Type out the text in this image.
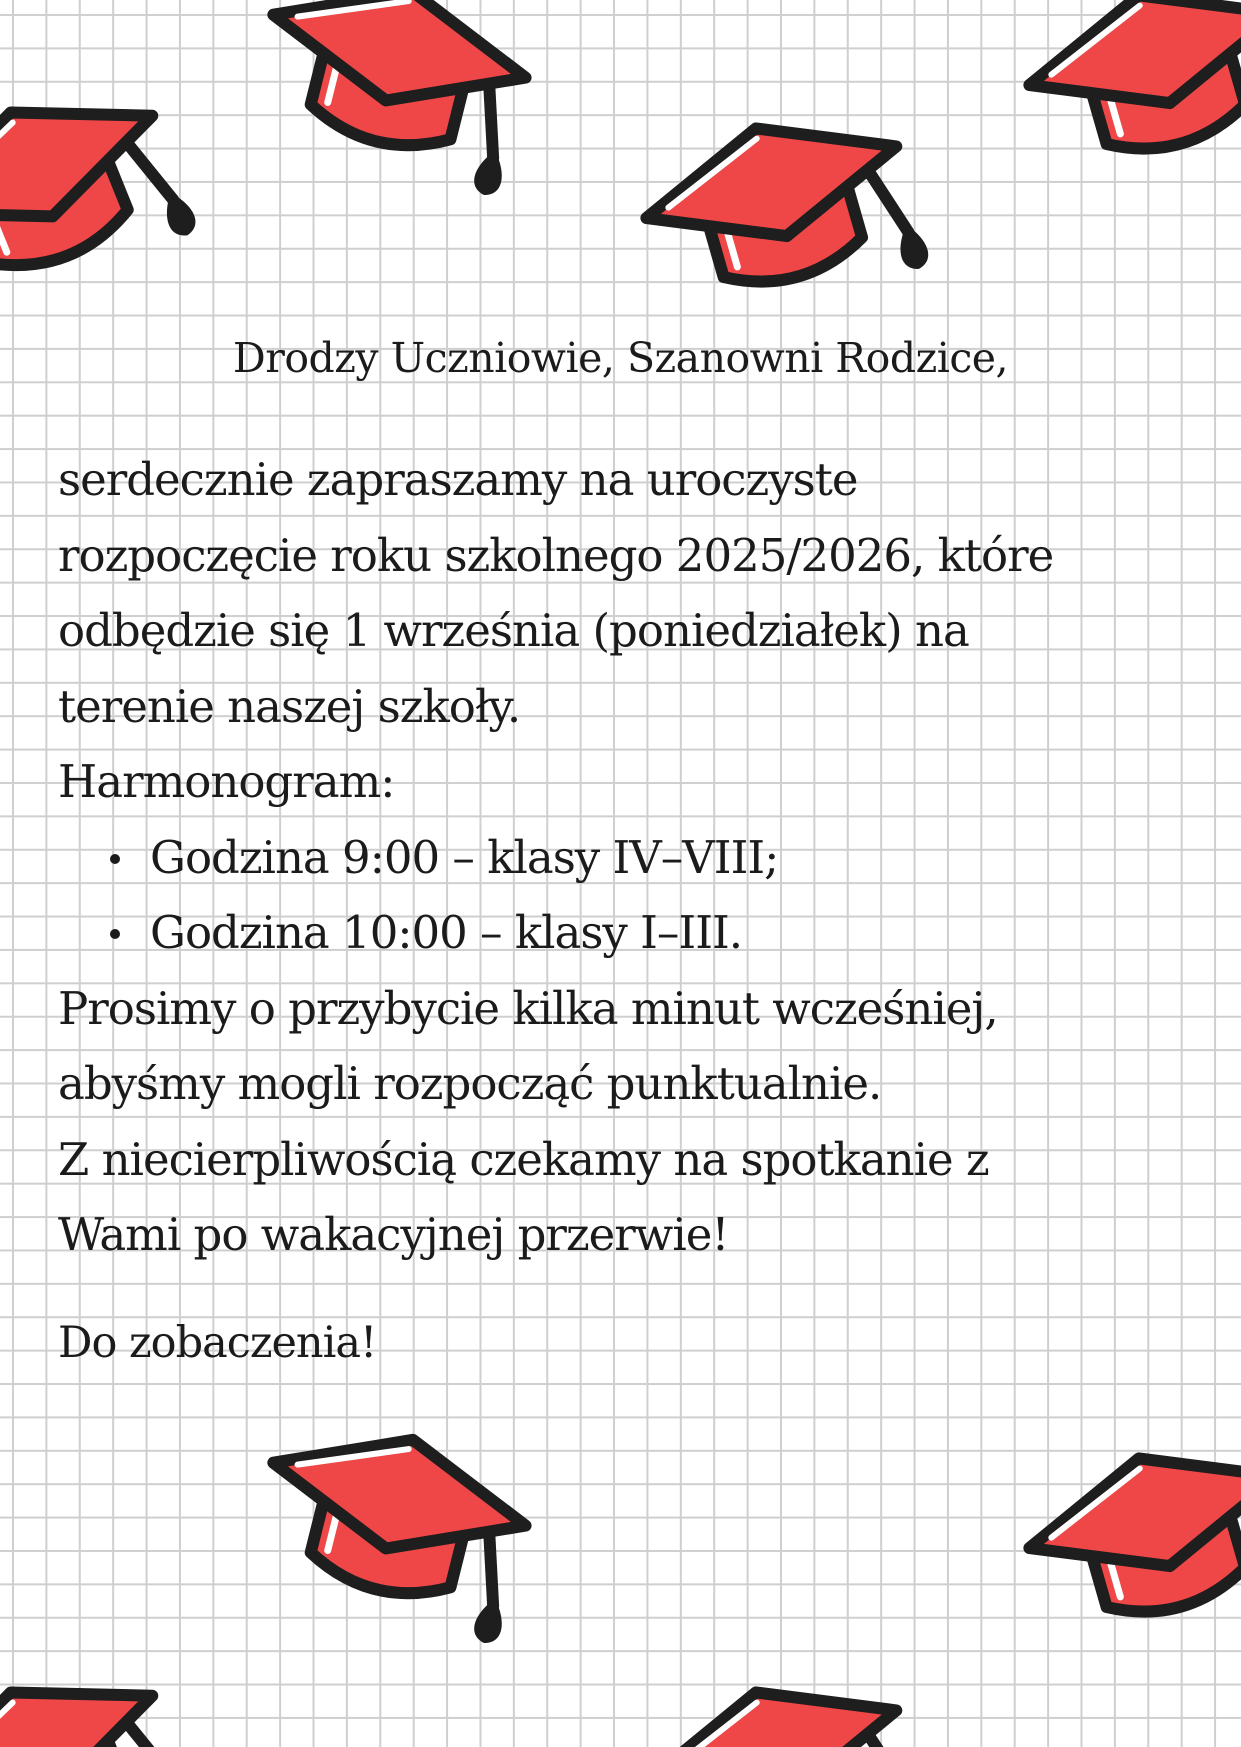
Drodzy Uczniowie, Szanowni Rodzice,

serdecznie zapraszamy na uroczyste

rozpoczęcie roku szkolnego 2025/2026, które

odbędzie się 1 września (poniedziałek) na

terenie naszej szkoły.

Harmonogram:

Godzina 9:00 – klasy IV–VIII;
Godzina 10:00 – klasy I–III.

Prosimy o przybycie kilka minut wcześniej,

abyśmy mogli rozpocząć punktualnie.

Z niecierpliwością czekamy na spotkanie z

Wami po wakacyjnej przerwie!

Do zobaczenia!
